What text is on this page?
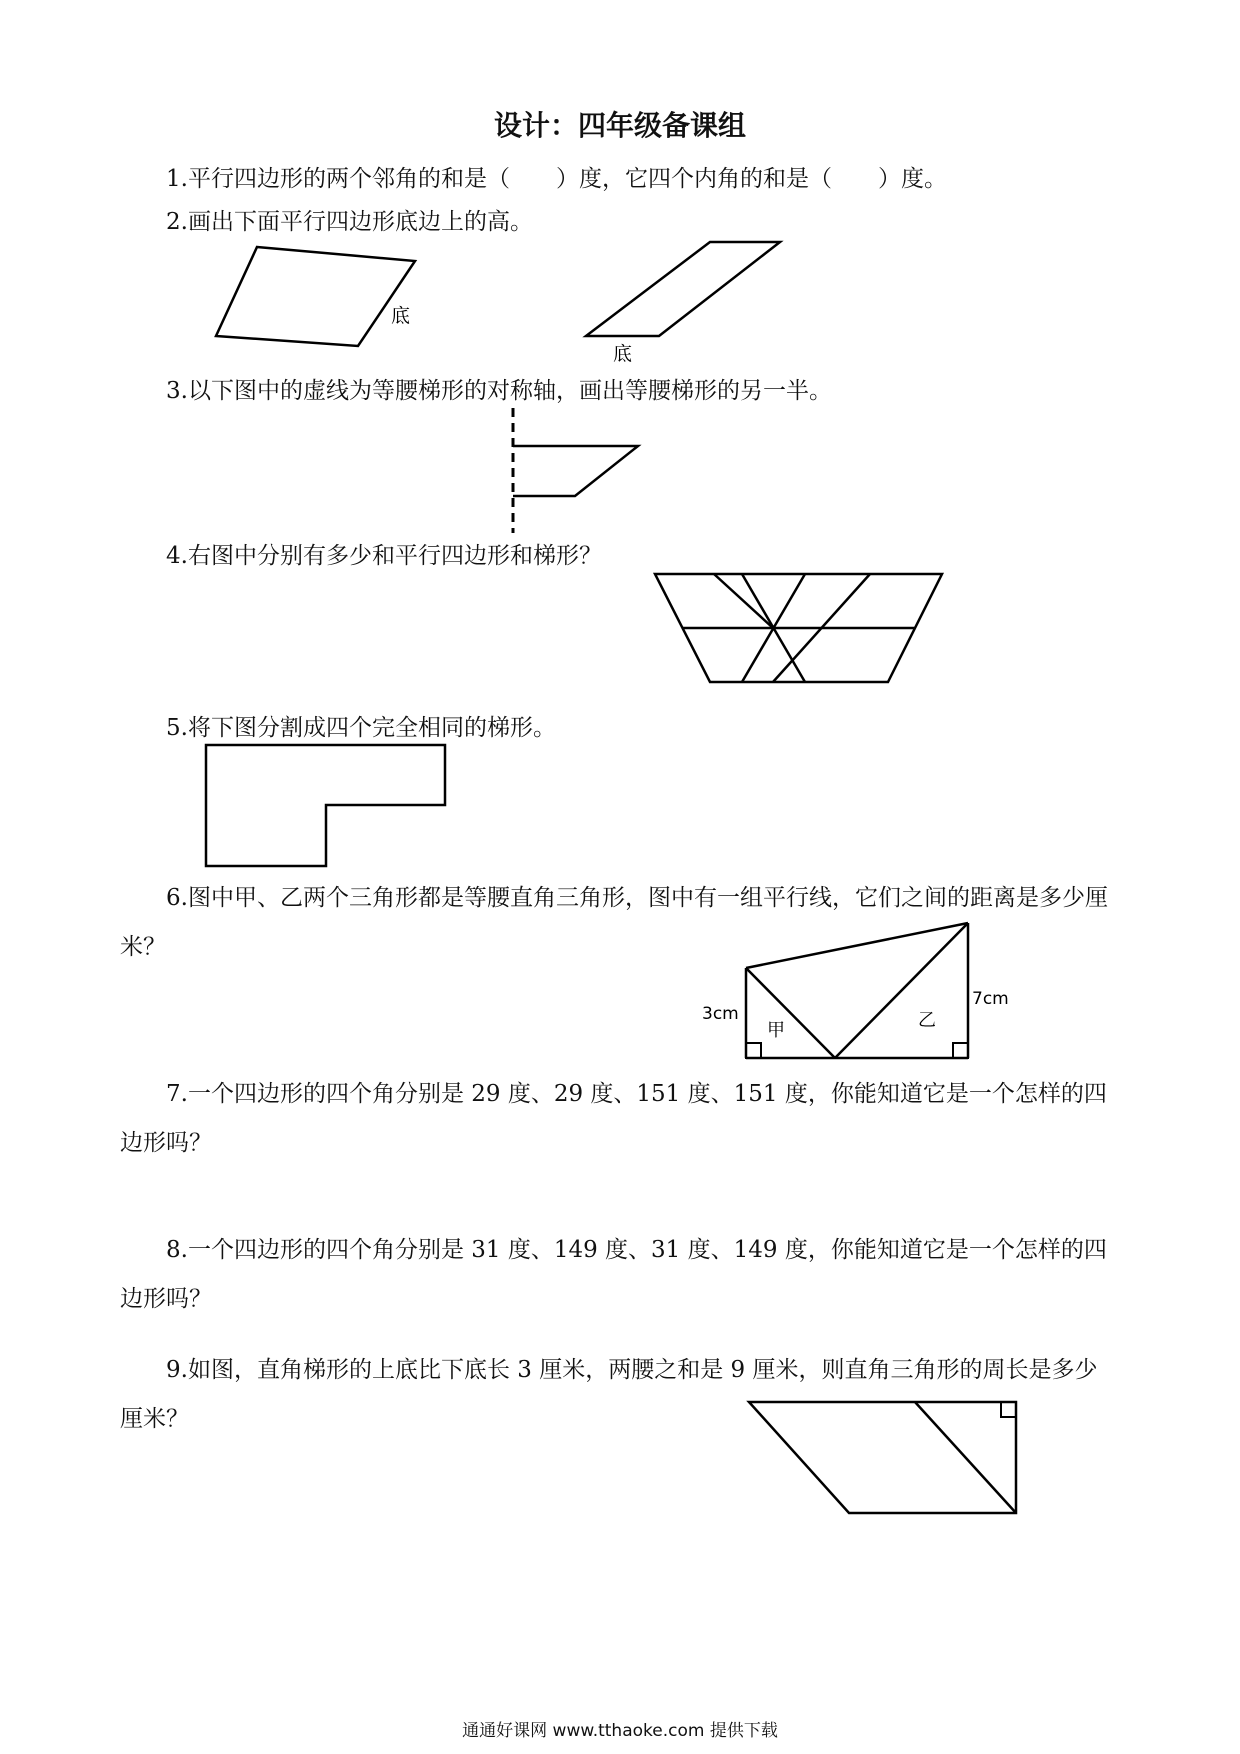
设计：四年级备课组

1.平行四边形的两个邻角的和是（　　）度，它四个内角的和是（　　）度。

2.画出下面平行四边形底边上的高。

底
底

3.以下图中的虚线为等腰梯形的对称轴，画出等腰梯形的另一半。

4.右图中分别有多少和平行四边形和梯形？

5.将下图分割成四个完全相同的梯形。

6.图中甲、乙两个三角形都是等腰直角三角形，图中有一组平行线，它们之间的距离是多少厘米？

3cm
7cm
甲	乙

7.一个四边形的四个角分别是 29 度、29 度、151 度、151 度，你能知道它是一个怎样的四边形吗？

8.一个四边形的四个角分别是 31 度、149 度、31 度、149 度，你能知道它是一个怎样的四边形吗？

9.如图，直角梯形的上底比下底长 3 厘米，两腰之和是 9 厘米，则直角三角形的周长是多少厘米？

通通好课网 www.tthaoke.com 提供下载
